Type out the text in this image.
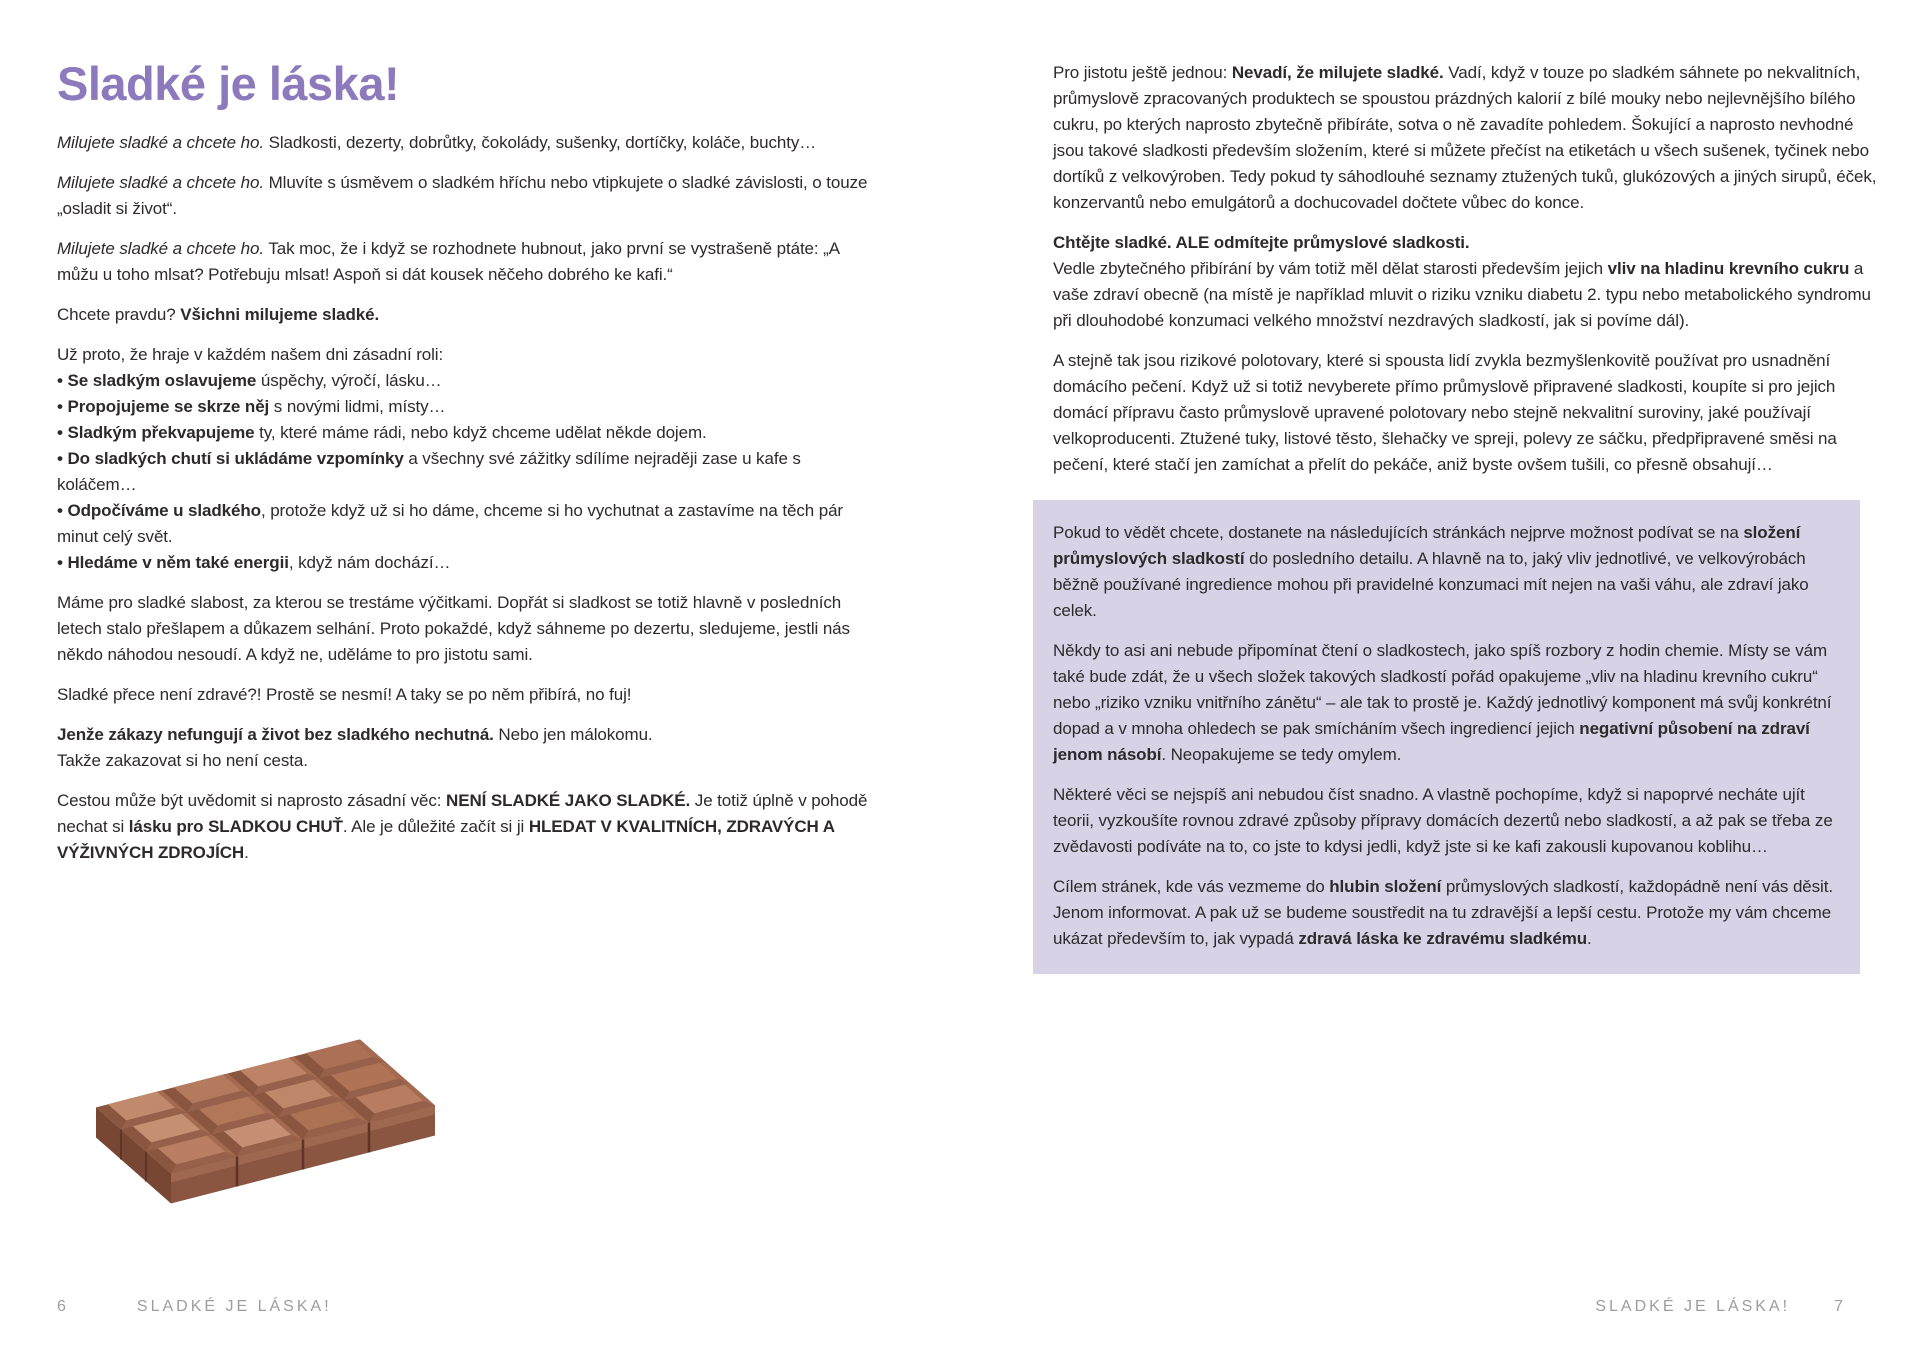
Sladké je láska!

Milujete sladké a chcete ho. Sladkosti, dezerty, dobrůtky, čokolády, sušenky, dortíčky, koláče, buchty…

Milujete sladké a chcete ho. Mluvíte s úsměvem o sladkém hříchu nebo vtipkujete o sladké závislosti, o touze „osladit si život“.

Milujete sladké a chcete ho. Tak moc, že i když se rozhodnete hubnout, jako první se vystrašeně ptáte: „A můžu u toho mlsat? Potřebuju mlsat! Aspoň si dát kousek něčeho dobrého ke kafi.“

Chcete pravdu? Všichni milujeme sladké.

Už proto, že hraje v každém našem dni zásadní roli:

• Se sladkým oslavujeme úspěchy, výročí, lásku…

• Propojujeme se skrze něj s novými lidmi, místy…

• Sladkým překvapujeme ty, které máme rádi, nebo když chceme udělat někde dojem.

• Do sladkých chutí si ukládáme vzpomínky a všechny své zážitky sdílíme nejraději zase u kafe s koláčem…

• Odpočíváme u sladkého, protože když už si ho dáme, chceme si ho vychutnat a zastavíme na těch pár minut celý svět.

• Hledáme v něm také energii, když nám dochází…

Máme pro sladké slabost, za kterou se trestáme výčitkami. Dopřát si sladkost se totiž hlavně v posledních letech stalo přešlapem a důkazem selhání. Proto pokaždé, když sáhneme po dezertu, sledujeme, jestli nás někdo náhodou nesoudí. A když ne, uděláme to pro jistotu sami.

Sladké přece není zdravé?! Prostě se nesmí! A taky se po něm přibírá, no fuj!

Jenže zákazy nefungují a život bez sladkého nechutná. Nebo jen málokomu.
Takže zakazovat si ho není cesta.

Cestou může být uvědomit si naprosto zásadní věc: NENÍ SLADKÉ JAKO SLADKÉ. Je totiž úplně v pohodě nechat si lásku pro SLADKOU CHUŤ. Ale je důležité začít si ji HLEDAT V KVALITNÍCH, ZDRAVÝCH A VÝŽIVNÝCH ZDROJÍCH.

Pro jistotu ještě jednou: Nevadí, že milujete sladké. Vadí, když v touze po sladkém sáhnete po nekvalitních, průmyslově zpracovaných produktech se spoustou prázdných kalorií z bílé mouky nebo nejlevnějšího bílého cukru, po kterých naprosto zbytečně přibíráte, sotva o ně zavadíte pohledem. Šokující a naprosto nevhodné jsou takové sladkosti především složením, které si můžete přečíst na etiketách u všech sušenek, tyčinek nebo dortíků z velkovýroben. Tedy pokud ty sáhodlouhé seznamy ztužených tuků, glukózových a jiných sirupů, éček, konzervantů nebo emulgátorů a dochucovadel dočtete vůbec do konce.

Chtějte sladké. ALE odmítejte průmyslové sladkosti.

Vedle zbytečného přibírání by vám totiž měl dělat starosti především jejich vliv na hladinu krevního cukru a vaše zdraví obecně (na místě je například mluvit o riziku vzniku diabetu 2. typu nebo metabolického syndromu při dlouhodobé konzumaci velkého množství nezdravých sladkostí, jak si povíme dál).

A stejně tak jsou rizikové polotovary, které si spousta lidí zvykla bezmyšlenkovitě používat pro usnadnění domácího pečení. Když už si totiž nevyberete přímo průmyslově připravené sladkosti, koupíte si pro jejich domácí přípravu často průmyslově upravené polotovary nebo stejně nekvalitní suroviny, jaké používají velkoproducenti. Ztužené tuky, listové těsto, šlehačky ve spreji, polevy ze sáčku, předpřipravené směsi na pečení, které stačí jen zamíchat a přelít do pekáče, aniž byste ovšem tušili, co přesně obsahují…

Pokud to vědět chcete, dostanete na následujících stránkách nejprve možnost podívat se na složení průmyslových sladkostí do posledního detailu. A hlavně na to, jaký vliv jednotlivé, ve velkovýrobách běžně používané ingredience mohou při pravidelné konzumaci mít nejen na vaši váhu, ale zdraví jako celek.

Někdy to asi ani nebude připomínat čtení o sladkostech, jako spíš rozbory z hodin chemie. Místy se vám také bude zdát, že u všech složek takových sladkostí pořád opakujeme „vliv na hladinu krevního cukru“ nebo „riziko vzniku vnitřního zánětu“ – ale tak to prostě je. Každý jednotlivý komponent má svůj konkrétní dopad a v mnoha ohledech se pak smícháním všech ingrediencí jejich negativní působení na zdraví jenom násobí. Neopakujeme se tedy omylem.

Některé věci se nejspíš ani nebudou číst snadno. A vlastně pochopíme, když si napoprvé necháte ujít teorii, vyzkoušíte rovnou zdravé způsoby přípravy domácích dezertů nebo sladkostí, a až pak se třeba ze zvědavosti podíváte na to, co jste to kdysi jedli, když jste si ke kafi zakousli kupovanou koblihu…

Cílem stránek, kde vás vezmeme do hlubin složení průmyslových sladkostí, každopádně není vás děsit. Jenom informovat. A pak už se budeme soustředit na tu zdravější a lepší cestu. Protože my vám chceme ukázat především to, jak vypadá zdravá láska ke zdravému sladkému.

6	SLADKÉ JE LÁSKA!	SLADKÉ JE LÁSKA!	7
